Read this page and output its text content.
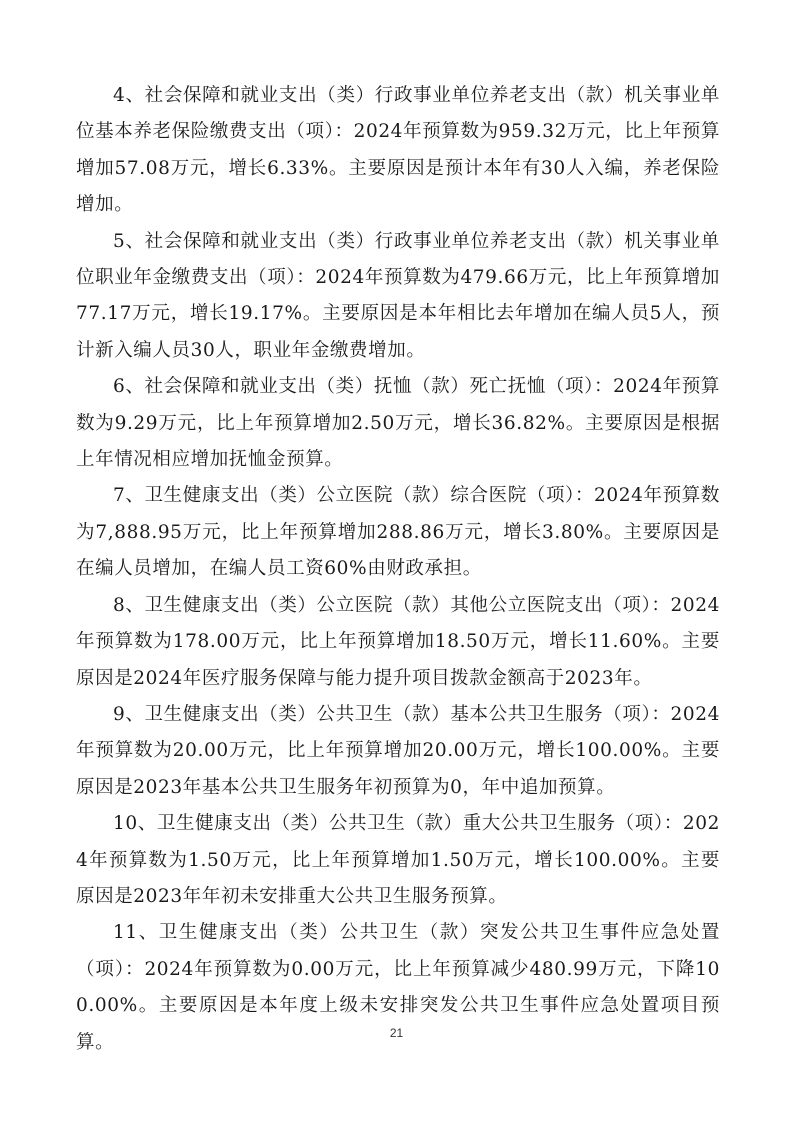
4、社会保障和就业支出（类）行政事业单位养老支出（款）机关事业单位基本养老保险缴费支出（项）：2024年预算数为959.32万元，比上年预算增加57.08万元，增长6.33%。主要原因是预计本年有30人入编，养老保险增加。

5、社会保障和就业支出（类）行政事业单位养老支出（款）机关事业单位职业年金缴费支出（项）：2024年预算数为479.66万元，比上年预算增加77.17万元，增长19.17%。主要原因是本年相比去年增加在编人员5人，预计新入编人员30人，职业年金缴费增加。

6、社会保障和就业支出（类）抚恤（款）死亡抚恤（项）：2024年预算数为9.29万元，比上年预算增加2.50万元，增长36.82%。主要原因是根据上年情况相应增加抚恤金预算。

7、卫生健康支出（类）公立医院（款）综合医院（项）：2024年预算数为7,888.95万元，比上年预算增加288.86万元，增长3.80%。主要原因是在编人员增加，在编人员工资60%由财政承担。

8、卫生健康支出（类）公立医院（款）其他公立医院支出（项）：2024年预算数为178.00万元，比上年预算增加18.50万元，增长11.60%。主要原因是2024年医疗服务保障与能力提升项目拨款金额高于2023年。

9、卫生健康支出（类）公共卫生（款）基本公共卫生服务（项）：2024年预算数为20.00万元，比上年预算增加20.00万元，增长100.00%。主要原因是2023年基本公共卫生服务年初预算为0，年中追加预算。

10、卫生健康支出（类）公共卫生（款）重大公共卫生服务（项）：2024年预算数为1.50万元，比上年预算增加1.50万元，增长100.00%。主要原因是2023年年初未安排重大公共卫生服务预算。

11、卫生健康支出（类）公共卫生（款）突发公共卫生事件应急处置（项）：2024年预算数为0.00万元，比上年预算减少480.99万元，下降100.00%。主要原因是本年度上级未安排突发公共卫生事件应急处置项目预算。	21
